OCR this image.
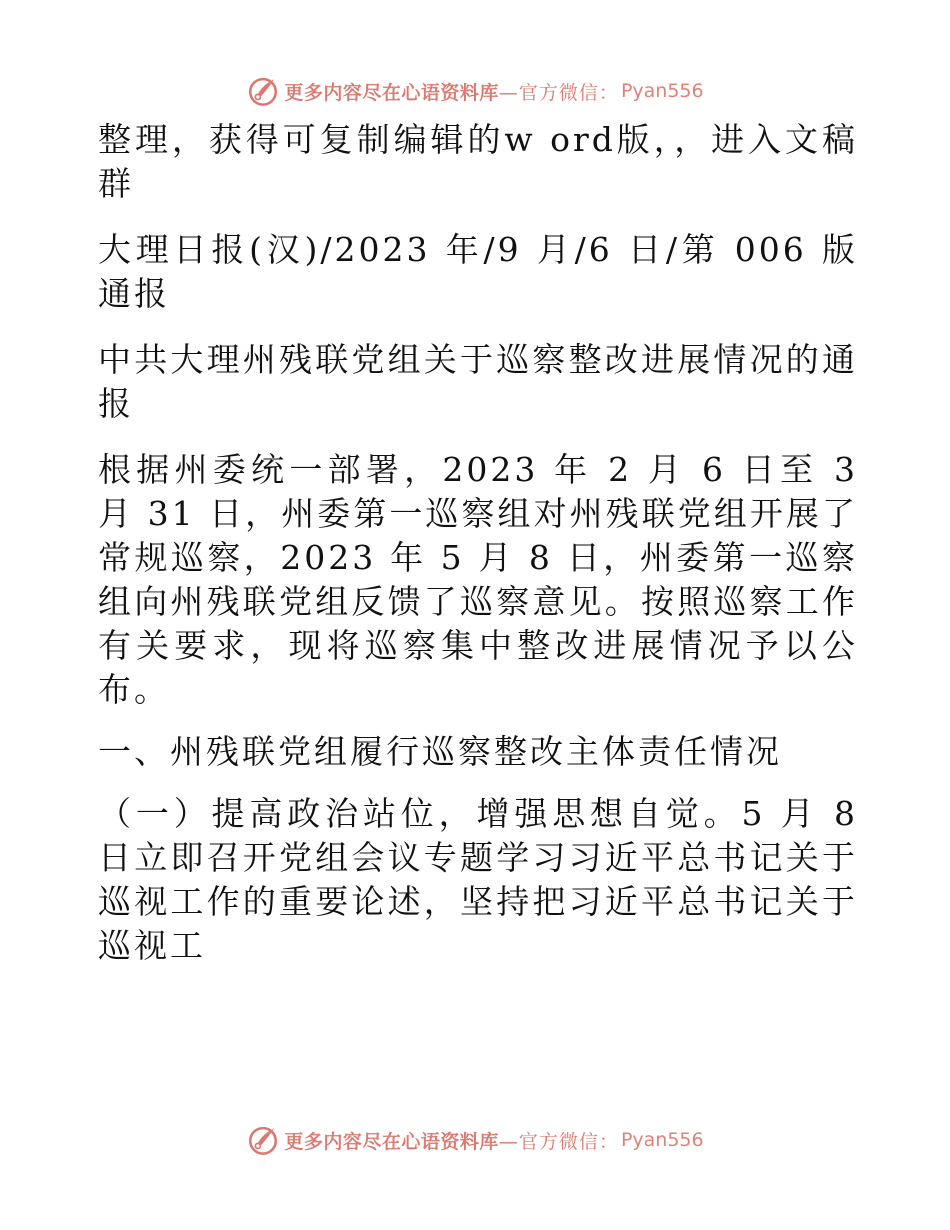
更多内容尽在心语资料库 —官方微信： Pyan556

整理，获得可复制编辑的w ord版，，进入文稿群

大理日报(汉)/2023 年/9 月/6 日/第 006 版通报

中共大理州残联党组关于巡察整改进展情况的通报

根据州委统一部署，2023 年 2 月 6 日至 3 月 31 日，州委第一巡察组对州残联党组开展了常规巡察，2023 年 5 月 8 日，州委第一巡察组向州残联党组反馈了巡察意见。按照巡察工作有关要求，现将巡察集中整改进展情况予以公布。

一、州残联党组履行巡察整改主体责任情况

（一）提高政治站位，增强思想自觉。5 月 8 日立即召开党组会议专题学习习近平总书记关于巡视工作的重要论述，坚持把习近平总书记关于巡视工

更多内容尽在心语资料库 —官方微信： Pyan556
